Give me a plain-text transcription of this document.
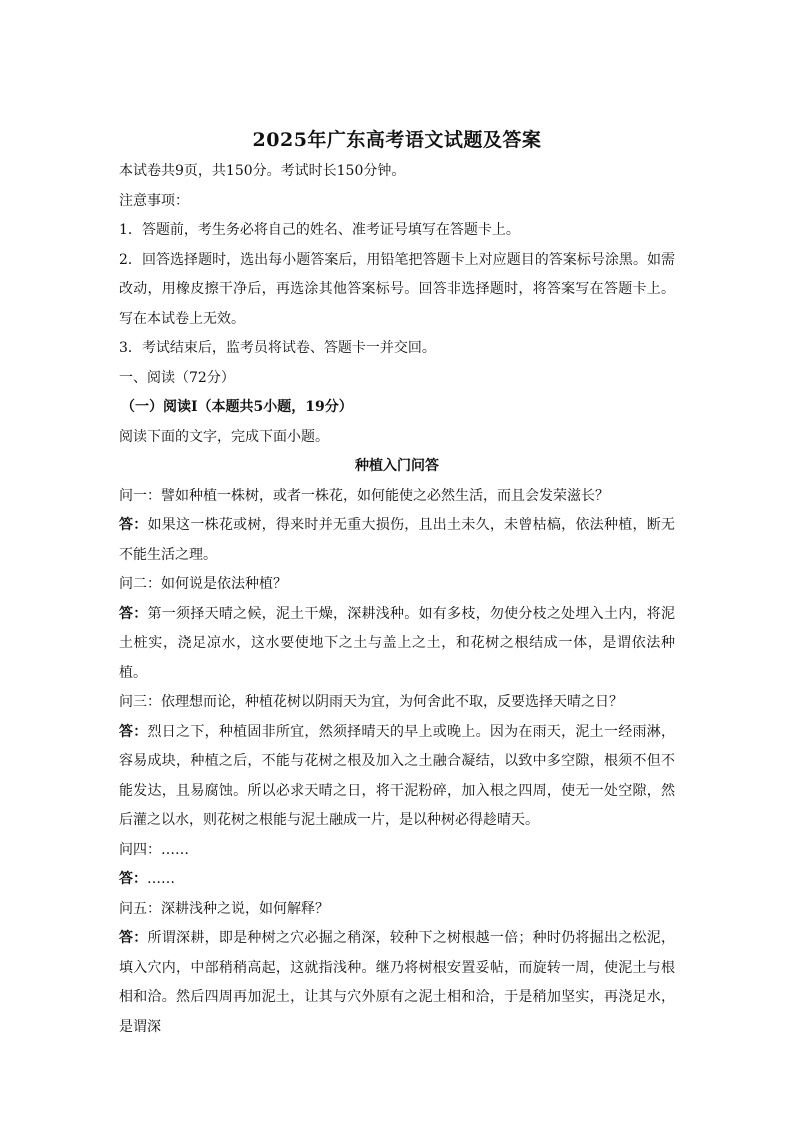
2025年广东高考语文试题及答案

本试卷共9页，共150分。考试时长150分钟。

注意事项：

1．答题前，考生务必将自己的姓名、准考证号填写在答题卡上。

2．回答选择题时，选出每小题答案后，用铅笔把答题卡上对应题目的答案标号涂黑。如需改动，用橡皮擦干净后，再选涂其他答案标号。回答非选择题时，将答案写在答题卡上。写在本试卷上无效。

3．考试结束后，监考员将试卷、答题卡一并交回。

一、阅读（72分）

（一）阅读Ⅰ（本题共5小题，19分）

阅读下面的文字，完成下面小题。

种植入门问答

问一：譬如种植一株树，或者一株花，如何能使之必然生活，而且会发荣滋长？

答：如果这一株花或树，得来时并无重大损伤，且出土未久，未曾枯槁，依法种植，断无不能生活之理。

问二：如何说是依法种植？

答：第一须择天晴之候，泥土干燥，深耕浅种。如有多枝，勿使分枝之处埋入土内，将泥土桩实，浇足凉水，这水要使地下之土与盖上之土，和花树之根结成一体，是谓依法种植。

问三：依理想而论，种植花树以阴雨天为宜，为何舍此不取，反要选择天晴之日？

答：烈日之下，种植固非所宜，然须择晴天的早上或晚上。因为在雨天，泥土一经雨淋，容易成块，种植之后，不能与花树之根及加入之土融合凝结，以致中多空隙，根须不但不能发达，且易腐蚀。所以必求天晴之日，将干泥粉碎，加入根之四周，使无一处空隙，然后灌之以水，则花树之根能与泥土融成一片，是以种树必得趁晴天。

问四：……

答：……

问五：深耕浅种之说，如何解释？

答：所谓深耕，即是种树之穴必掘之稍深，较种下之树根越一倍；种时仍将掘出之松泥，填入穴内，中部稍稍高起，这就指浅种。继乃将树根安置妥帖，而旋转一周，使泥土与根相和洽。然后四周再加泥土，让其与穴外原有之泥土相和洽，于是稍加坚实，再浇足水，是谓深
